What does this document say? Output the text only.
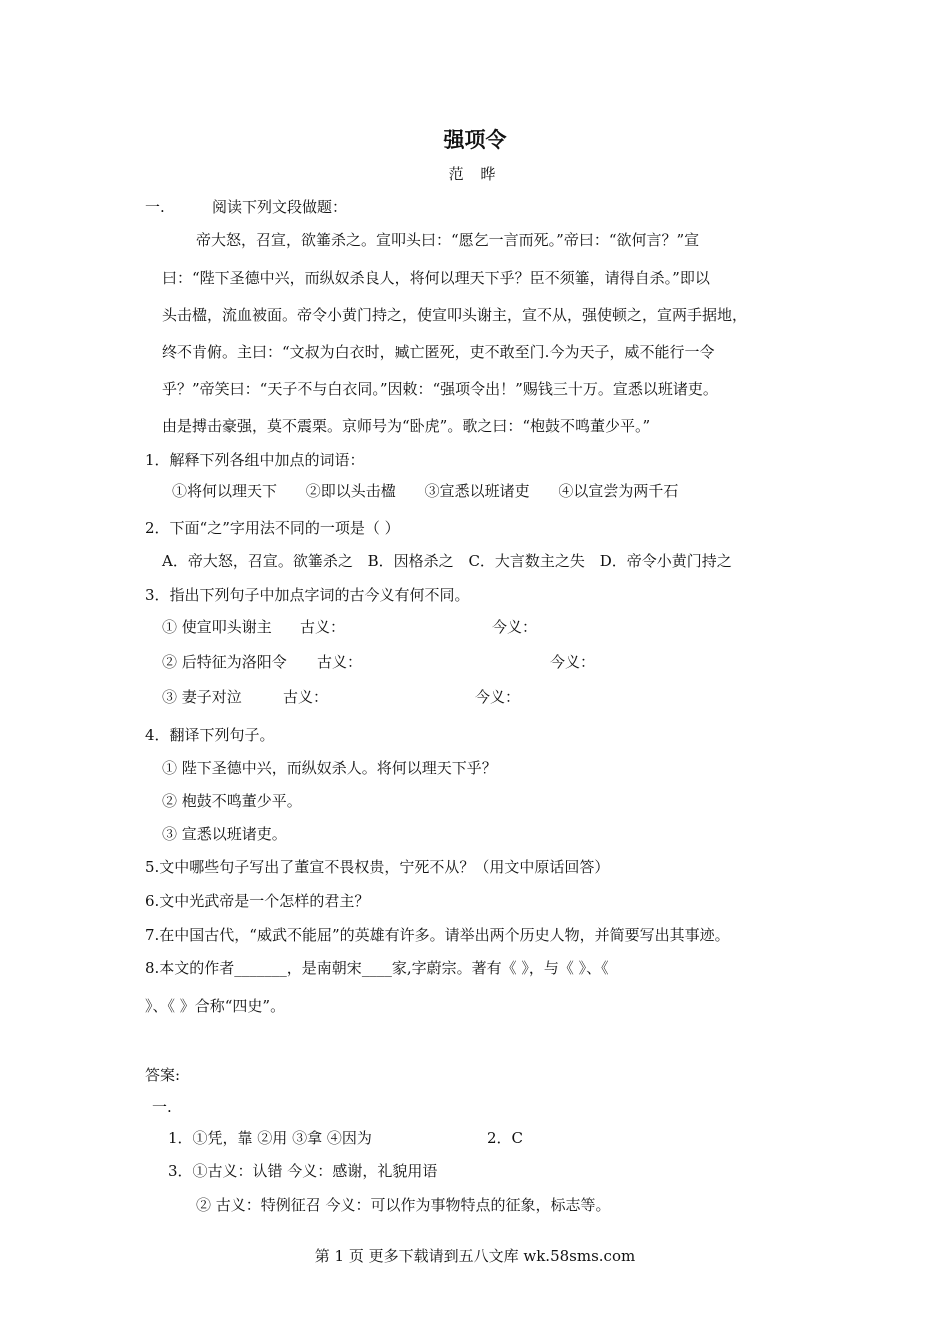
强项令
范 晔
一.	阅读下列文段做题：
帝大怒，召宣，欲箠杀之。宣叩头曰：“愿乞一言而死。”帝曰：“欲何言？”宣
曰：“陛下圣德中兴，而纵奴杀良人，将何以理天下乎？臣不须箠，请得自杀。”即以
头击楹，流血被面。帝令小黄门持之，使宣叩头谢主，宣不从，强使顿之，宣两手据地，
终不肯俯。主曰：“文叔为白衣时，臧亡匿死，吏不敢至门.今为天子，威不能行一令
乎？”帝笑曰：“天子不与白衣同。”因敕：“强项令出！”赐钱三十万。宣悉以班诸吏。
由是搏击豪强，莫不震栗。京师号为“卧虎”。歌之曰：“枹鼓不鸣董少平。”
1．解释下列各组中加点的词语：
①将何以理天下 ②即以头击楹 ③宣悉以班诸吏 ④以宣尝为两千石
2．下面“之”字用法不同的一项是（ ）
A．帝大怒，召宣。欲箠杀之 B．因格杀之 C．大言数主之失 D．帝令小黄门持之
3．指出下列句子中加点字词的古今义有何不同。
① 使宣叩头谢主 古义：	今义：
② 后特征为洛阳令 古义：	今义：
③ 妻子对泣	古义：	今义：
4．翻译下列句子。
① 陛下圣德中兴，而纵奴杀人。将何以理天下乎？
② 枹鼓不鸣董少平。
③ 宣悉以班诸吏。
5.文中哪些句子写出了董宣不畏权贵，宁死不从？（用文中原话回答）
6.文中光武帝是一个怎样的君主？
7.在中国古代，“威武不能屈”的英雄有许多。请举出两个历史人物，并简要写出其事迹。
8.本文的作者_______，是南朝宋____家,字蔚宗。著有《 》，与《 》、《
》、《 》合称“四史”。
答案:
一.
1．①凭，靠 ②用 ③拿 ④因为	2．C
3．①古义：认错 今义：感谢，礼貌用语
② 古义：特例征召 今义：可以作为事物特点的征象，标志等。
第 1 页 更多下载请到五八文库 wk.58sms.com
